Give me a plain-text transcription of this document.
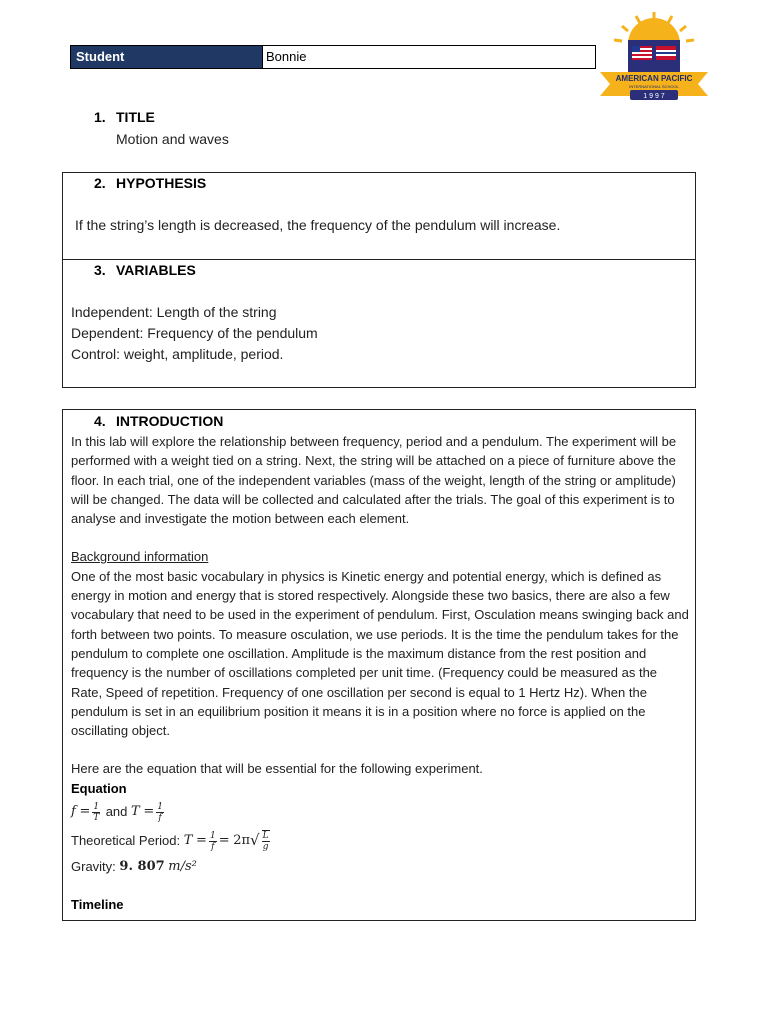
Student	Bonnie
AMERICAN PACIFIC
INTERNATIONAL SCHOOL
1 9 9 7
1. TITLE
Motion and waves
2. HYPOTHESIS
If the string’s length is decreased, the frequency of the pendulum will increase.
3. VARIABLES
Independent: Length of the string
Dependent: Frequency of the pendulum
Control: weight, amplitude, period.
4. INTRODUCTION

In this lab will explore the relationship between frequency, period and a pendulum. The experiment will be performed with a weight tied on a string. Next, the string will be attached on a piece of furniture above the floor. In each trial, one of the independent variables (mass of the weight, length of the string or amplitude) will be changed. The data will be collected and calculated after the trials. The goal of this experiment is to analyse and investigate the motion between each element.

Background information

One of the most basic vocabulary in physics is Kinetic energy and potential energy, which is defined as energy in motion and energy that is stored respectively. Alongside these two basics, there are also a few vocabulary that need to be used in the experiment of pendulum. First, Osculation means swinging back and forth between two points. To measure osculation, we use periods. It is the time the pendulum takes for the pendulum to complete one oscillation. Amplitude is the maximum distance from the rest position and frequency is the number of oscillations completed per unit time. (Frequency could be measured as the Rate, Speed of repetition. Frequency of one oscillation per second is equal to 1 Hertz Hz). When the pendulum is set in an equilibrium position it means it is in a position where no force is applied on the oscillating object.

Here are the equation that will be essential for the following experiment.

Equation

f
= $\frac{1}{T}$
and
T
= $\frac{1}{f}$
Theoretical Period:
T
= $\frac{1}{f}$ =
2π √ $\frac{L}{g}$
Gravity:
9. 807
m/s²

Timeline
